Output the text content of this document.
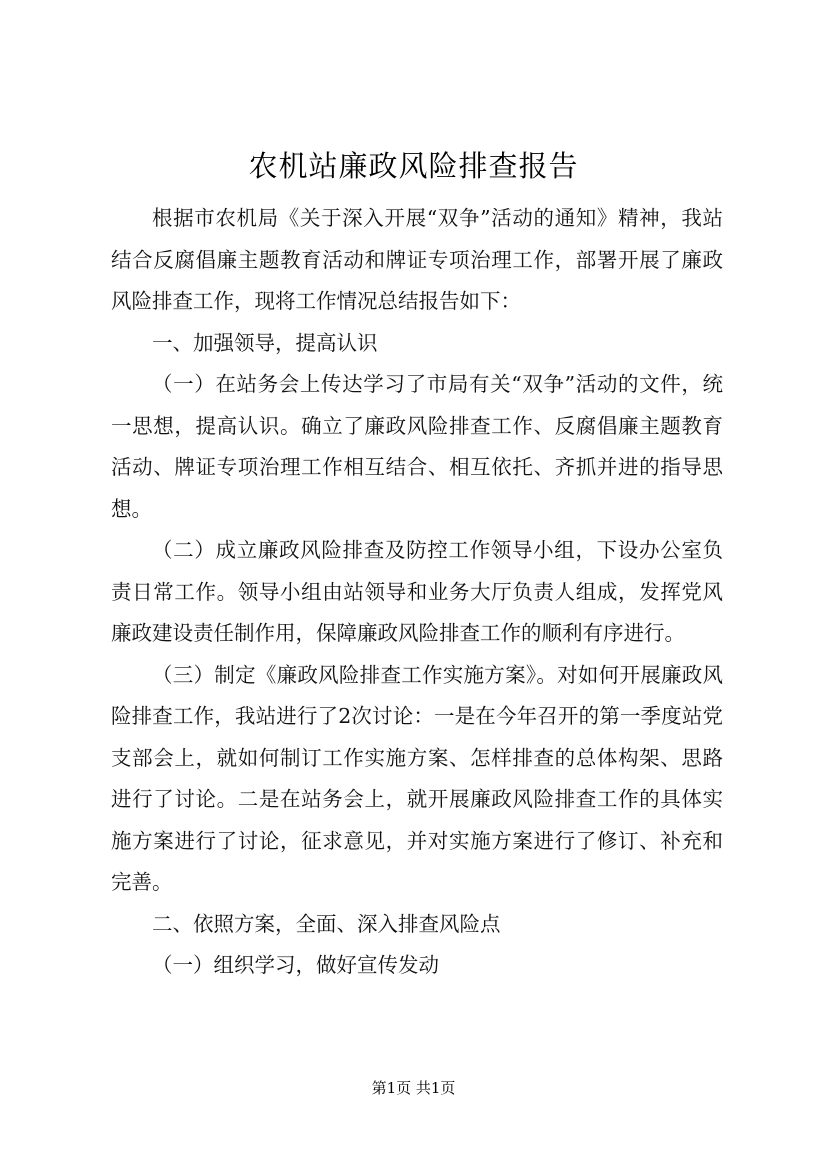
农机站廉政风险排查报告

根据市农机局《关于深入开展“双争”活动的通知》精神，我站结合反腐倡廉主题教育活动和牌证专项治理工作，部署开展了廉政风险排查工作，现将工作情况总结报告如下：

一、加强领导，提高认识

（一）在站务会上传达学习了市局有关“双争”活动的文件，统一思想，提高认识。确立了廉政风险排查工作、反腐倡廉主题教育活动、牌证专项治理工作相互结合、相互依托、齐抓并进的指导思想。

（二）成立廉政风险排查及防控工作领导小组，下设办公室负责日常工作。领导小组由站领导和业务大厅负责人组成，发挥党风廉政建设责任制作用，保障廉政风险排查工作的顺利有序进行。

（三）制定《廉政风险排查工作实施方案》。对如何开展廉政风险排查工作，我站进行了2次讨论：一是在今年召开的第一季度站党支部会上，就如何制订工作实施方案、怎样排查的总体构架、思路进行了讨论。二是在站务会上，就开展廉政风险排查工作的具体实施方案进行了讨论，征求意见，并对实施方案进行了修订、补充和完善。

二、依照方案，全面、深入排查风险点

（一）组织学习，做好宣传发动

第1页 共1页
